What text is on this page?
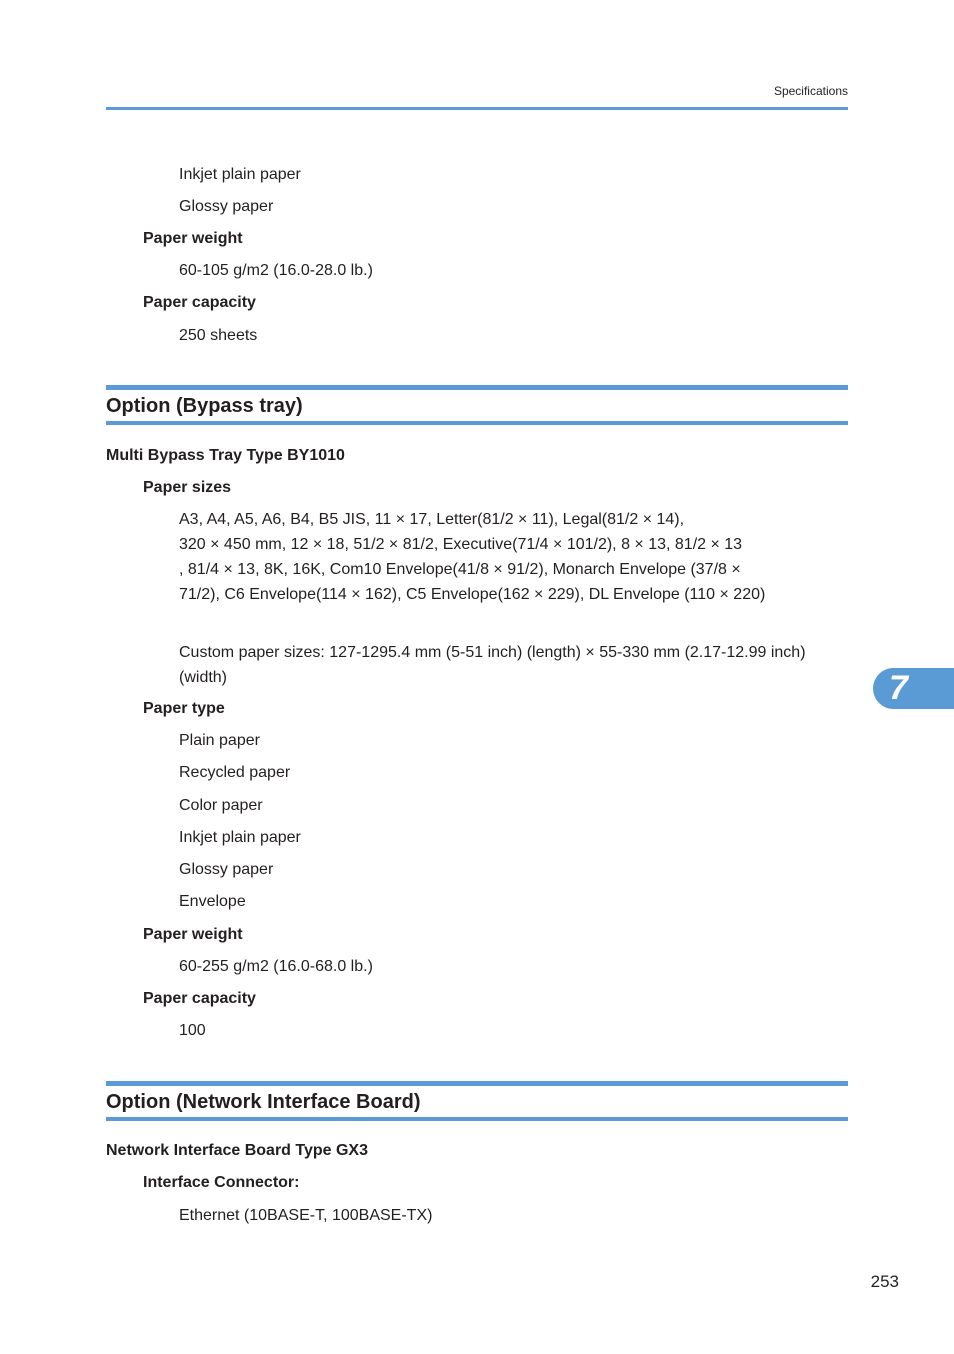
Specifications
Inkjet plain paper
Glossy paper
Paper weight
60-105 g/m2 (16.0-28.0 lb.)
Paper capacity
250 sheets
Option (Bypass tray)
Multi Bypass Tray Type BY1010
Paper sizes
A3, A4, A5, A6, B4, B5 JIS, 11 × 17, Letter(81/2 × 11), Legal(81/2 × 14),
320 × 450 mm, 12 × 18, 51/2 × 81/2, Executive(71/4 × 101/2), 8 × 13, 81/2 × 13
, 81/4 × 13, 8K, 16K, Com10 Envelope(41/8 × 91/2), Monarch Envelope (37/8 ×
71/2), C6 Envelope(114 × 162), C5 Envelope(162 × 229), DL Envelope (110 × 220)
Custom paper sizes: 127-1295.4 mm (5-51 inch) (length) × 55-330 mm (2.17-12.99 inch) (width)
Paper type
Plain paper
Recycled paper
Color paper
Inkjet plain paper
Glossy paper
Envelope
Paper weight
60-255 g/m2 (16.0-68.0 lb.)
Paper capacity
100
Option (Network Interface Board)
Network Interface Board Type GX3
Interface Connector:
Ethernet (10BASE-T, 100BASE-TX)
7
253
